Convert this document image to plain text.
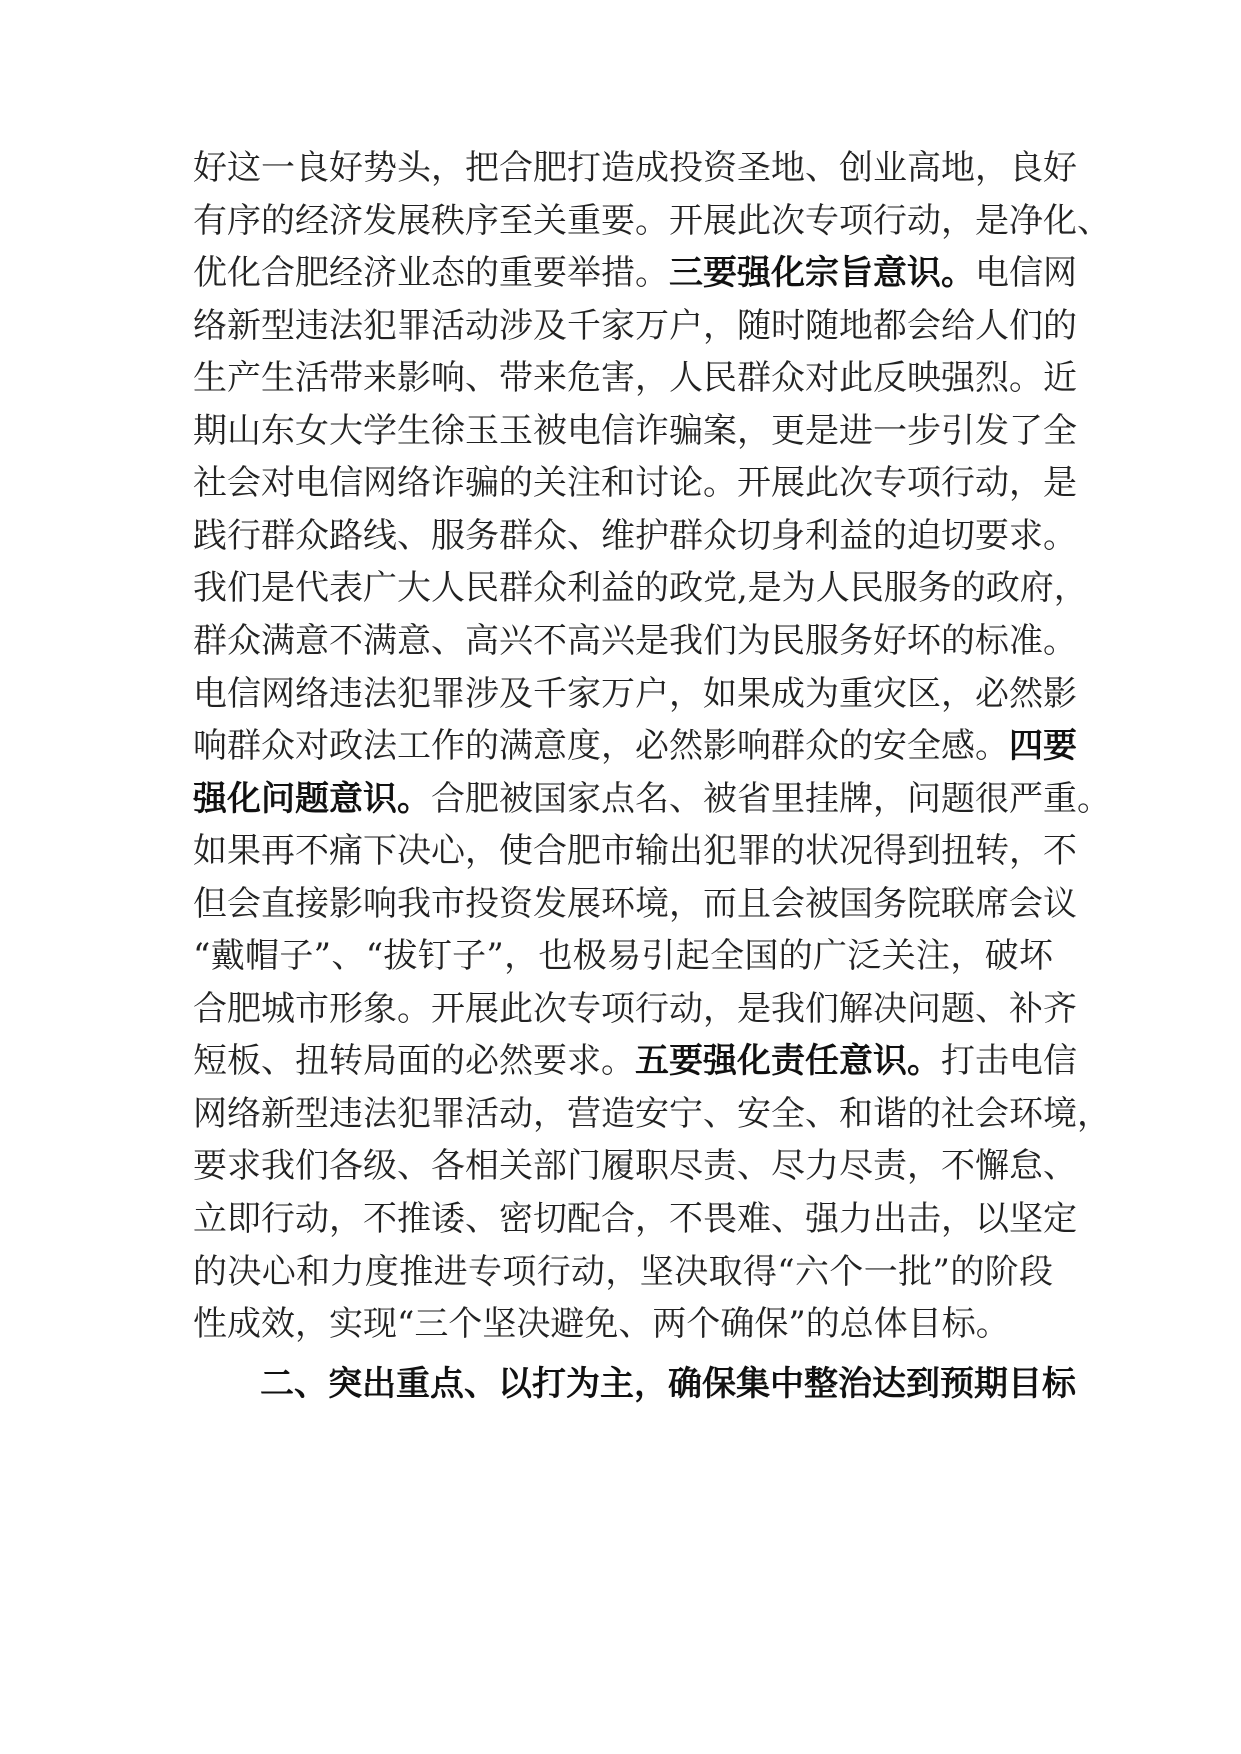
好这一良好势头，把合肥打造成投资圣地、创业高地，良好
有序的经济发展秩序至关重要。开展此次专项行动，是净化、
优化合肥经济业态的重要举措。三要强化宗旨意识。电信网
络新型违法犯罪活动涉及千家万户，随时随地都会给人们的
生产生活带来影响、带来危害，人民群众对此反映强烈。近
期山东女大学生徐玉玉被电信诈骗案，更是进一步引发了全
社会对电信网络诈骗的关注和讨论。开展此次专项行动，是
践行群众路线、服务群众、维护群众切身利益的迫切要求。
我们是代表广大人民群众利益的政党,是为人民服务的政府，
群众满意不满意、高兴不高兴是我们为民服务好坏的标准。
电信网络违法犯罪涉及千家万户，如果成为重灾区，必然影
响群众对政法工作的满意度，必然影响群众的安全感。四要
强化问题意识。合肥被国家点名、被省里挂牌，问题很严重。
如果再不痛下决心，使合肥市输出犯罪的状况得到扭转，不
但会直接影响我市投资发展环境，而且会被国务院联席会议
“戴帽子”、“拔钉子”，也极易引起全国的广泛关注，破坏
合肥城市形象。开展此次专项行动，是我们解决问题、补齐
短板、扭转局面的必然要求。五要强化责任意识。打击电信
网络新型违法犯罪活动，营造安宁、安全、和谐的社会环境，
要求我们各级、各相关部门履职尽责、尽力尽责，不懈怠、
立即行动，不推诿、密切配合，不畏难、强力出击，以坚定
的决心和力度推进专项行动，坚决取得“六个一批”的阶段
性成效，实现“三个坚决避免、两个确保”的总体目标。
二、突出重点、以打为主，确保集中整治达到预期目标
